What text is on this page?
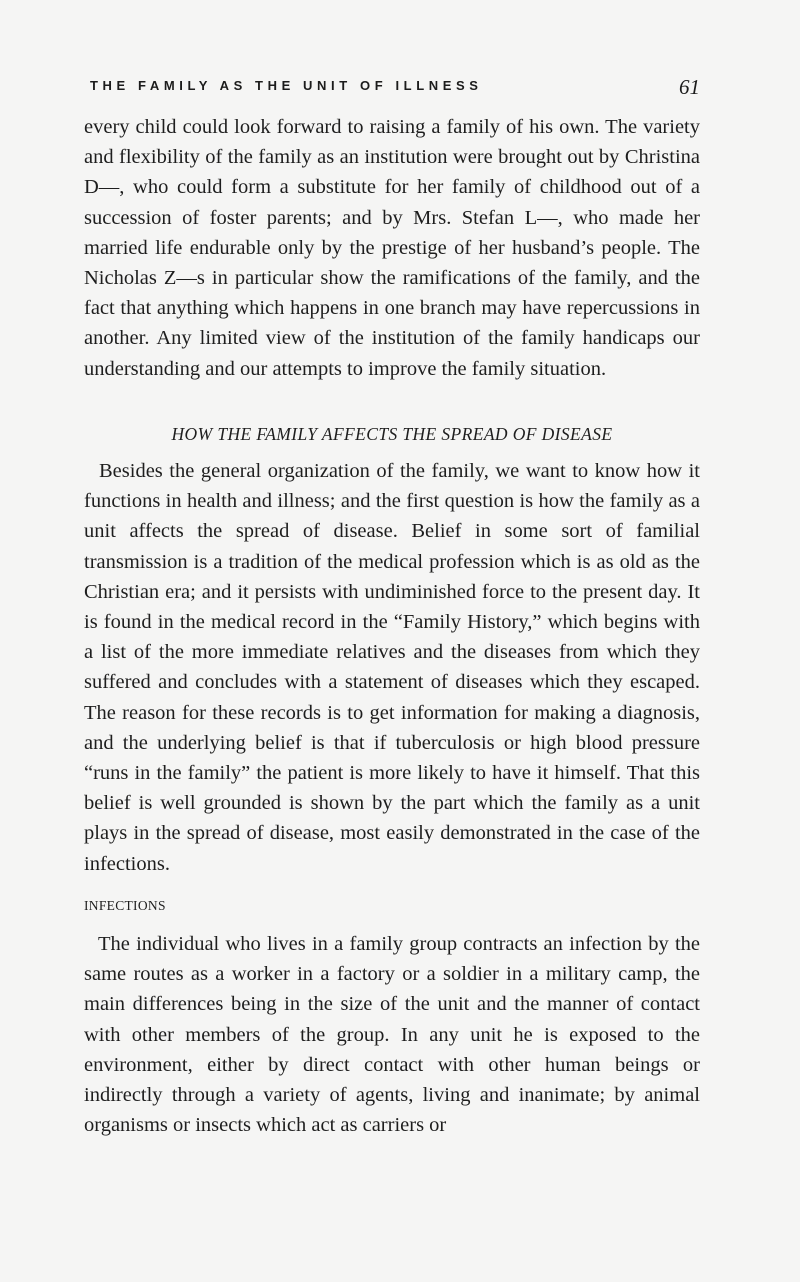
THE FAMILY AS THE UNIT OF ILLNESS	61

every child could look forward to raising a family of his own. The variety and flexibility of the family as an institution were brought out by Christina D—, who could form a substitute for her family of childhood out of a succession of foster parents; and by Mrs. Stefan L—, who made her married life endurable only by the prestige of her husband’s people. The Nicholas Z—s in particular show the ramifications of the family, and the fact that anything which happens in one branch may have repercussions in another. Any limited view of the institution of the family handicaps our understanding and our attempts to improve the family situation.

HOW THE FAMILY AFFECTS THE SPREAD OF DISEASE

Besides the general organization of the family, we want to know how it functions in health and illness; and the first question is how the family as a unit affects the spread of disease. Belief in some sort of familial transmission is a tradition of the medical profession which is as old as the Christian era; and it persists with undiminished force to the present day. It is found in the medical record in the “Family History,” which begins with a list of the more immediate relatives and the diseases from which they suffered and concludes with a statement of diseases which they escaped. The reason for these records is to get information for making a diagnosis, and the underlying belief is that if tuberculosis or high blood pressure “runs in the family” the patient is more likely to have it himself. That this belief is well grounded is shown by the part which the family as a unit plays in the spread of disease, most easily demonstrated in the case of the infections.

INFECTIONS

The individual who lives in a family group contracts an infection by the same routes as a worker in a factory or a soldier in a military camp, the main differences being in the size of the unit and the manner of contact with other members of the group. In any unit he is exposed to the environment, either by direct contact with other human beings or indirectly through a variety of agents, living and inanimate; by animal organisms or insects which act as carriers or
